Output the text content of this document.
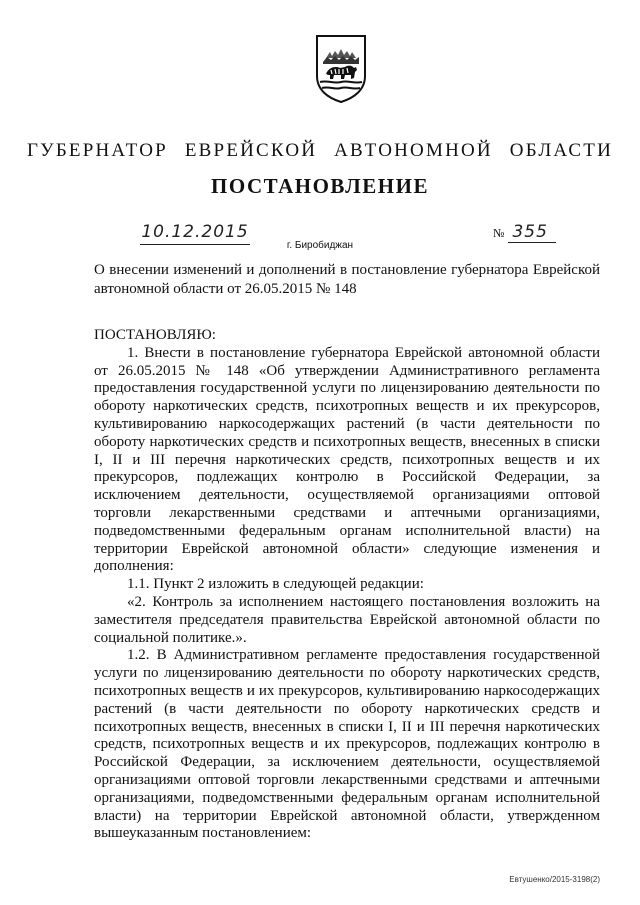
ГУБЕРНАТОР ЕВРЕЙСКОЙ АВТОНОМНОЙ ОБЛАСТИ
ПОСТАНОВЛЕНИЕ
10.12.2015	№ 355
г. Биробиджан
О внесении изменений и дополнений в постановление губернатора Еврейской автономной области от 26.05.2015 № 148

ПОСТАНОВЛЯЮ:

1. Внести в постановление губернатора Еврейской автономной области от 26.05.2015 № 148 «Об утверждении Административного регламента предоставления государственной услуги по лицензированию деятельности по обороту наркотических средств, психотропных веществ и их прекурсоров, культивированию наркосодержащих растений (в части деятельности по обороту наркотических средств и психотропных веществ, внесенных в списки I, II и III перечня наркотических средств, психотропных веществ и их прекурсоров, подлежащих контролю в Российской Федерации, за исключением деятельности, осуществляемой организациями оптовой торговли лекарственными средствами и аптечными организациями, подведомственными федеральным органам исполнительной власти) на территории Еврейской автономной области» следующие изменения и дополнения:

1.1. Пункт 2 изложить в следующей редакции:

«2. Контроль за исполнением настоящего постановления возложить на заместителя председателя правительства Еврейской автономной области по социальной политике.».

1.2. В Административном регламенте предоставления государственной услуги по лицензированию деятельности по обороту наркотических средств, психотропных веществ и их прекурсоров, культивированию наркосодержащих растений (в части деятельности по обороту наркотических средств и психотропных веществ, внесенных в списки I, II и III перечня наркотических средств, психотропных веществ и их прекурсоров, подлежащих контролю в Российской Федерации, за исключением деятельности, осуществляемой организациями оптовой торговли лекарственными средствами и аптечными организациями, подведомственными федеральным органам исполнительной власти) на территории Еврейской автономной области, утвержденном вышеуказанным постановлением:

Евтушенко/2015-3198(2)
